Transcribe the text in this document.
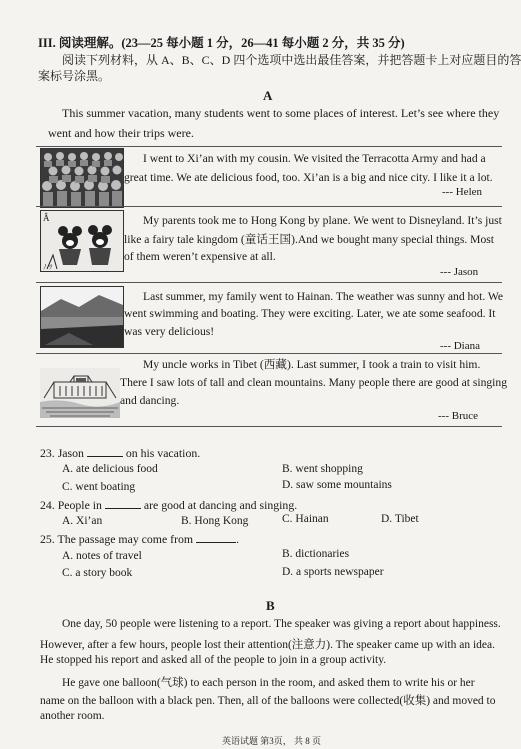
III. 阅读理解。(23—25 每小题 1 分，26—41 每小题 2 分，共 35 分)
阅读下列材料，从 A、B、C、D 四个选项中选出最佳答案，并把答题卡上对应题目的答
案标号涂黑。
A
This summer vacation, many students went to some places of interest. Let’s see where they
went and how their trips were.
I went to Xi’an with my cousin. We visited the Terracotta Army and had a
great time. We ate delicious food, too. Xi’an is a big and nice city. I like it a lot.
--- Helen
Â
ﾉ ﾂ
My parents took me to Hong Kong by plane. We went to Disneyland. It’s just
like a fairy tale kingdom (童话王国).And we bought many special things. Most
of them weren’t expensive at all.
--- Jason
Last summer, my family went to Hainan. The weather was sunny and hot. We
went swimming and boating. They were exciting. Later, we ate some seafood. It
was very delicious!
--- Diana
My uncle works in Tibet (西藏). Last summer, I took a train to visit him.
There I saw lots of tall and clean mountains. Many people there are good at singing
and dancing.
--- Bruce
23. Jason	on his vacation.
A. ate delicious food	B. went shopping
C. went boating	D. saw some mountains
24. People in	are good at dancing and singing.
A. Xi’an	B. Hong Kong	C. Hainan	D. Tibet
25. The passage may come from	.
A. notes of travel	B. dictionaries
C. a story book	D. a sports newspaper
B
One day, 50 people were listening to a report. The speaker was giving a report about happiness.
However, after a few hours, people lost their attention(注意力). The speaker came up with an idea.
He stopped his report and asked all of the people to join in a group activity.
He gave one balloon(气球) to each person in the room, and asked them to write his or her
name on the balloon with a black pen. Then, all of the balloons were collected(收集) and moved to
another room.
英语试题 第3页， 共 8 页
